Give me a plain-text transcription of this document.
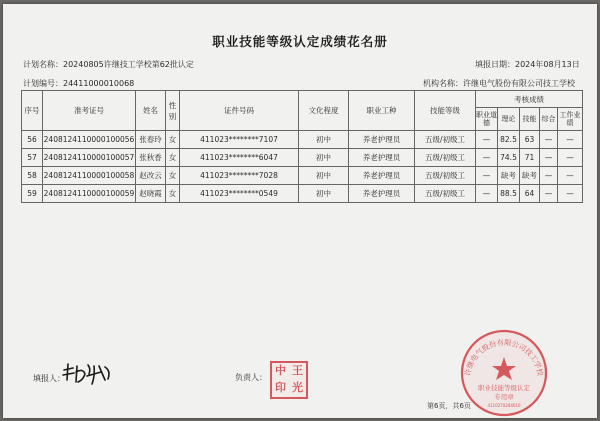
职业技能等级认定成绩花名册
计划名称：20240805许继技工学校第62批认定	填报日期：2024年08月13日
计划编号：24411000010068	机构名称：许继电气股份有限公司技工学校
序号	准考证号	姓名	性别	证件号码	文化程度	职业工种	技能等级	考核成绩				
								职业道德	理论	技能	综合	工作业绩
56	2408124110000100056	张春玲	女	411023********7107	初中	养老护理员	五级/初级工	—	82.5	63	—	—
57	2408124110000100057	张秋香	女	411023********6047	初中	养老护理员	五级/初级工	—	74.5	71	—	—
58	2408124110000100058	赵改云	女	411023********7028	初中	养老护理员	五级/初级工	—	缺考	缺考	—	—
59	2408124110000100059	赵晓霞	女	411023********0549	初中	养老护理员	五级/初级工	—	88.5	64	—	—
填报人：	负责人：
中 王
印 光
许继电气股份有限公司技工学校
职业技能等级认定
专用章
4110270284610
第6页，共6页
